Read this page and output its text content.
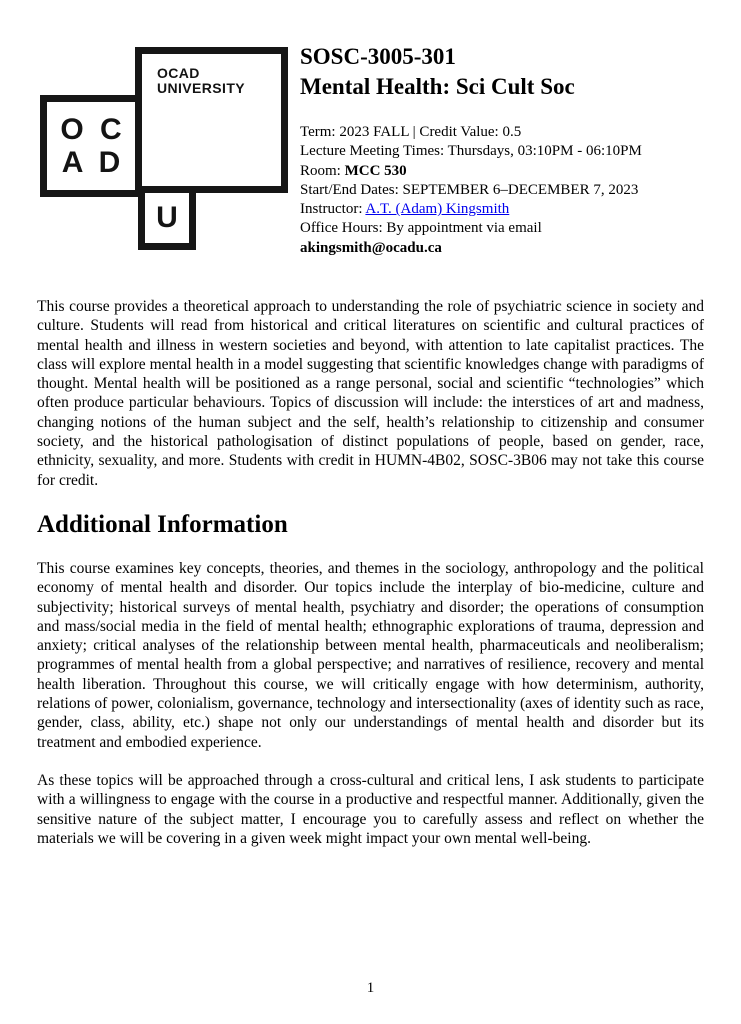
OCAD
UNIVERSITY
O C
A D
U
SOSC-3005-301
Mental Health: Sci Cult Soc
Term: 2023 FALL | Credit Value: 0.5
Lecture Meeting Times: Thursdays, 03:10PM - 06:10PM
Room: MCC 530
Start/End Dates: SEPTEMBER 6–DECEMBER 7, 2023
Instructor: A.T. (Adam) Kingsmith
Office Hours: By appointment via email
akingsmith@ocadu.ca

This course provides a theoretical approach to understanding the role of psychiatric science in society and culture. Students will read from historical and critical literatures on scientific and cultural practices of mental health and illness in western societies and beyond, with attention to late capitalist practices. The class will explore mental health in a model suggesting that scientific knowledges change with paradigms of thought. Mental health will be positioned as a range personal, social and scientific “technologies” which often produce particular behaviours. Topics of discussion will include: the interstices of art and madness, changing notions of the human subject and the self, health’s relationship to citizenship and consumer society, and the historical pathologisation of distinct populations of people, based on gender, race, ethnicity, sexuality, and more. Students with credit in HUMN-4B02, SOSC-3B06 may not take this course for credit.

Additional Information

This course examines key concepts, theories, and themes in the sociology, anthropology and the political economy of mental health and disorder. Our topics include the interplay of bio-medicine, culture and subjectivity; historical surveys of mental health, psychiatry and disorder; the operations of consumption and mass/social media in the field of mental health; ethnographic explorations of trauma, depression and anxiety; critical analyses of the relationship between mental health, pharmaceuticals and neoliberalism; programmes of mental health from a global perspective; and narratives of resilience, recovery and mental health liberation. Throughout this course, we will critically engage with how determinism, authority, relations of power, colonialism, governance, technology and intersectionality (axes of identity such as race, gender, class, ability, etc.) shape not only our understandings of mental health and disorder but its treatment and embodied experience.

As these topics will be approached through a cross-cultural and critical lens, I ask students to participate with a willingness to engage with the course in a productive and respectful manner. Additionally, given the sensitive nature of the subject matter, I encourage you to carefully assess and reflect on whether the materials we will be covering in a given week might impact your own mental well-being.

1
